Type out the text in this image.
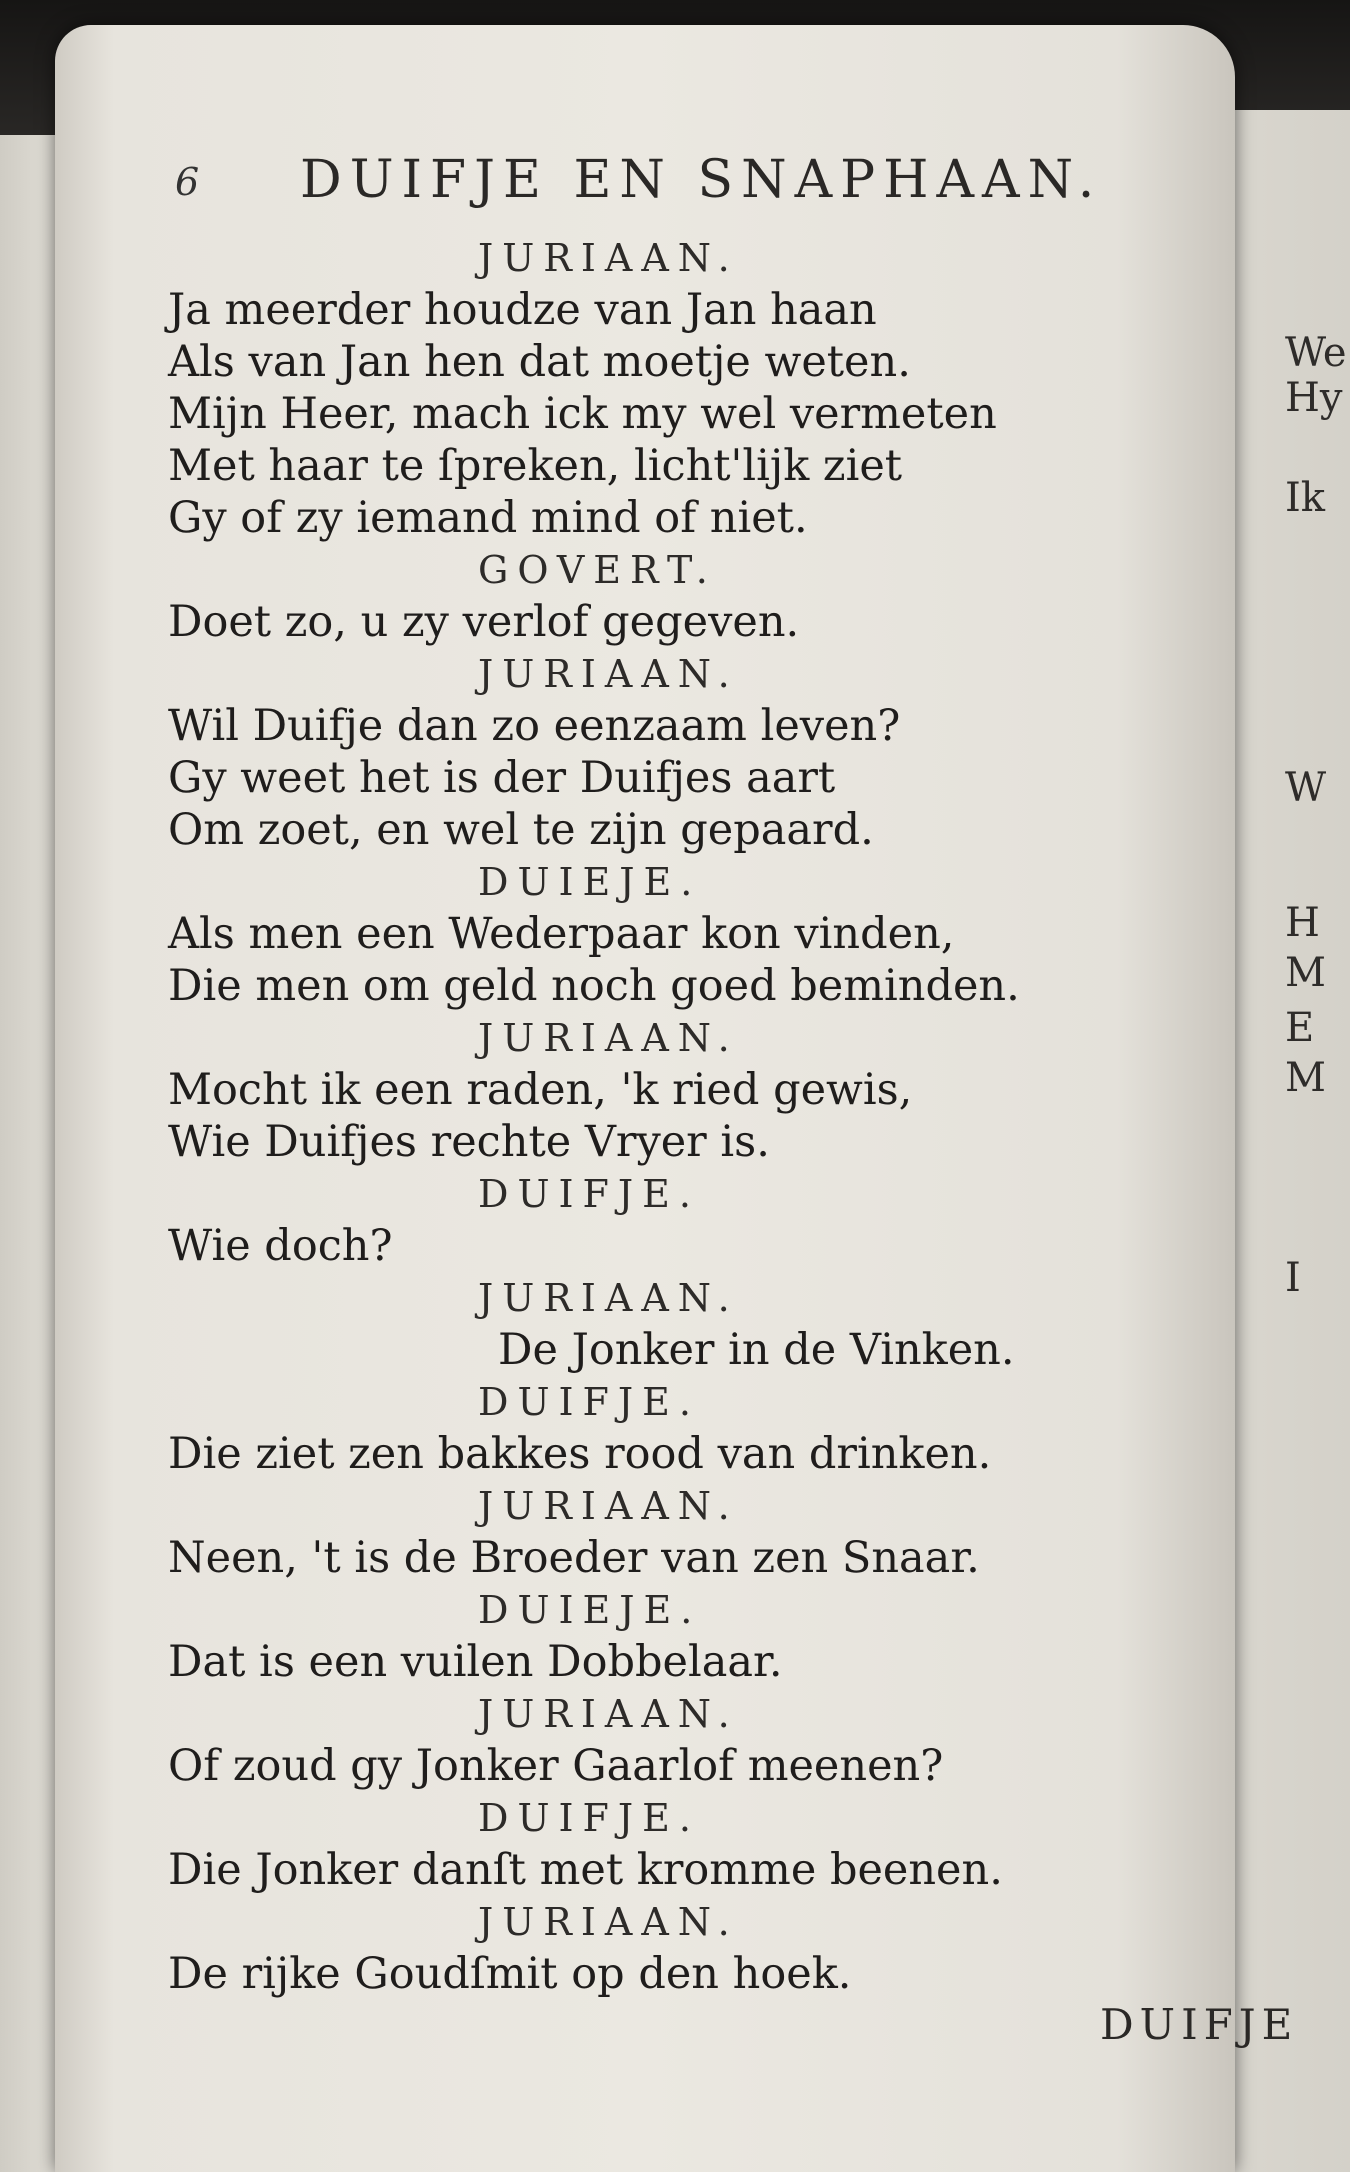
We
Hy
Ik
W
H
M
E
M
I
6 DUIFJE EN SNAPHAAN.
JURIAAN.
Ja meerder houdze van Jan haan
Als van Jan hen dat moetje weten.
Mijn Heer, mach ick my wel vermeten
Met haar te ſpreken, licht'lijk ziet
Gy of zy iemand mind of niet.
GOVERT.
Doet zo, u zy verlof gegeven.
JURIAAN.
Wil Duifje dan zo eenzaam leven?
Gy weet het is der Duifjes aart
Om zoet, en wel te zijn gepaard.
DUIEJE.
Als men een Wederpaar kon vinden,
Die men om geld noch goed beminden.
JURIAAN.
Mocht ik een raden, 'k ried gewis,
Wie Duifjes rechte Vryer is.
DUIFJE.
Wie doch?
JURIAAN.
De Jonker in de Vinken.
DUIFJE.
Die ziet zen bakkes rood van drinken.
JURIAAN.
Neen, 't is de Broeder van zen Snaar.
DUIEJE.
Dat is een vuilen Dobbelaar.
JURIAAN.
Of zoud gy Jonker Gaarlof meenen?
DUIFJE.
Die Jonker danſt met kromme beenen.
JURIAAN.
De rijke Goudſmit op den hoek.
DUIFJE
